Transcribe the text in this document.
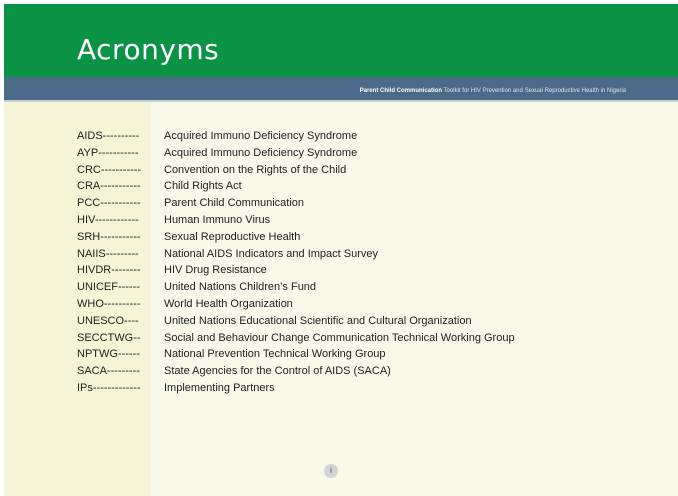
Acronyms
Parent Child Communication Toolkit for HIV Prevention and Sexual Reproductive Health in Nigeria
AIDS---------- Acquired Immuno Deficiency Syndrome
AYP----------- Acquired Immuno Deficiency Syndrome
CRC----------- Convention on the Rights of the Child
CRA----------- Child Rights Act
PCC----------- Parent Child Communication
HIV------------ Human Immuno Virus
SRH----------- Sexual Reproductive Health
NAIIS--------- National AIDS Indicators and Impact Survey
HIVDR-------- HIV Drug Resistance
UNICEF------ United Nations Children’s Fund
WHO---------- World Health Organization
UNESCO---- United Nations Educational Scientific and Cultural Organization
SECCTWG-- Social and Behaviour Change Communication Technical Working Group
NPTWG------ National Prevention Technical Working Group
SACA--------- State Agencies for the Control of AIDS (SACA)
IPs------------- Implementing Partners
i
